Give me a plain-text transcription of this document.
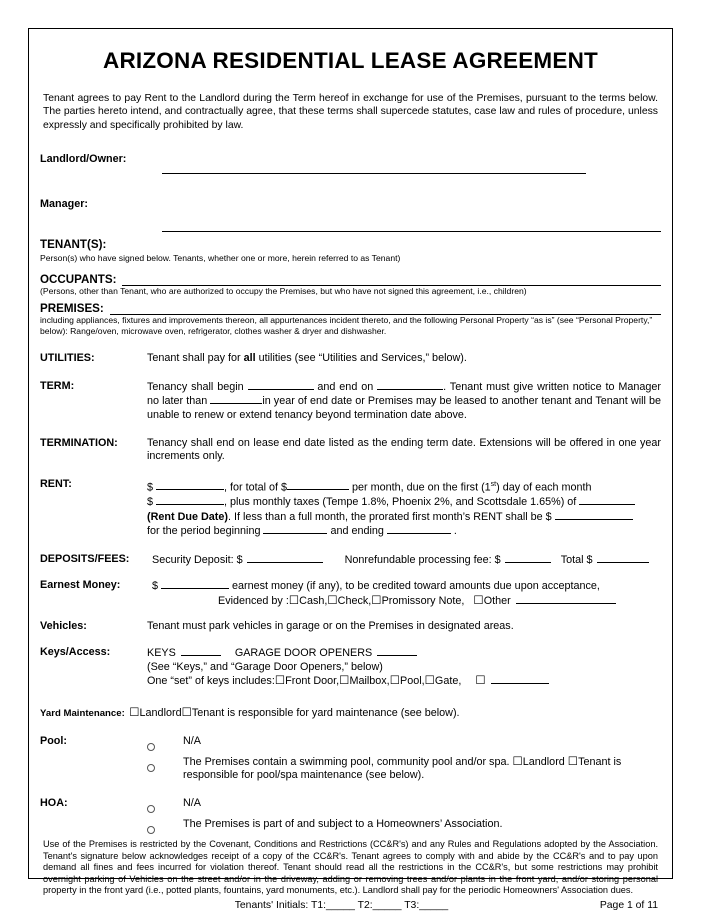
ARIZONA RESIDENTIAL LEASE AGREEMENT
Tenant agrees to pay Rent to the Landlord during the Term hereof in exchange for use of the Premises, pursuant to the terms below. The parties hereto intend, and contractually agree, that these terms shall supercede statutes, case law and rules of procedure, unless expressly and specifically prohibited by law.
Landlord/Owner:
Manager:
TENANT(S):
Person(s) who have signed below. Tenants, whether one or more, herein referred to as Tenant)
OCCUPANTS :
(Persons, other than Tenant, who are authorized to occupy the Premises, but who have not signed this agreement, i.e., children)
PREMISES :
including appliances, fixtures and improvements thereon, all appurtenances incident thereto, and the following Personal Property “as is” (see “Personal Property,” below): Range/oven, microwave oven, refrigerator, clothes washer & dryer and dishwasher.
UTILITIES:	Tenant shall pay for all utilities (see “Utilities and Services,” below).
TERM:	Tenancy shall begin	and end on	. Tenant must give written notice to Manager no later than	in year of end date or Premises may be leased to another tenant and Tenant will be unable to renew or extend tenancy beyond termination date above.
TERMINATION:	Tenancy shall end on lease end date listed as the ending term date. Extensions will be offered in one year increments only.
RENT:	$	, for total of $	per month, due on the first (1st) day of each month
$	, plus monthly taxes (Tempe 1.8%, Phoenix 2%, and Scottsdale 1.65%) of
(Rent Due Date). If less than a full month, the prorated first month’s RENT shall be $
for the period beginning	and ending	.
DEPOSITS/FEES:	Security Deposit: $	Nonrefundable processing fee: $	Total $
Earnest Money:	$	earnest money (if any), to be credited toward amounts due upon acceptance,
Evidenced by :☐Cash,☐Check,☐Promissory Note, ☐Other
Vehicles:	Tenant must park vehicles in garage or on the Premises in designated areas.
Keys/Access:	KEYS	GARAGE DOOR OPENERS
(See “Keys,” and “Garage Door Openers,” below)
One “set” of keys includes:☐Front Door,☐Mailbox,☐Pool,☐Gate, ☐
Yard Maintenance: ☐Landlord☐Tenant is responsible for yard maintenance (see below).
Pool:	N/A
The Premises contain a swimming pool, community pool and/or spa. ☐Landlord ☐Tenant is responsible for pool/spa maintenance (see below).
HOA:	N/A
The Premises is part of and subject to a Homeowners’ Association.
Use of the Premises is restricted by the Covenant, Conditions and Restrictions (CC&R's) and any Rules and Regulations adopted by the Association. Tenant's signature below acknowledges receipt of a copy of the CC&R's. Tenant agrees to comply with and abide by the CC&R's and to pay upon demand all fines and fees incurred for violation thereof. Tenant should read all the restrictions in the CC&R's, but some restrictions may prohibit overnight parking of Vehicles on the street and/or in the driveway, adding or removing trees and/or plants in the front yard, and/or storing personal property in the front yard (i.e., potted plants, fountains, yard monuments, etc.). Landlord shall pay for the periodic Homeowners' Association dues.
Tenants' Initials: T1:_____ T2:_____ T3:_____	Page 1 of 11
